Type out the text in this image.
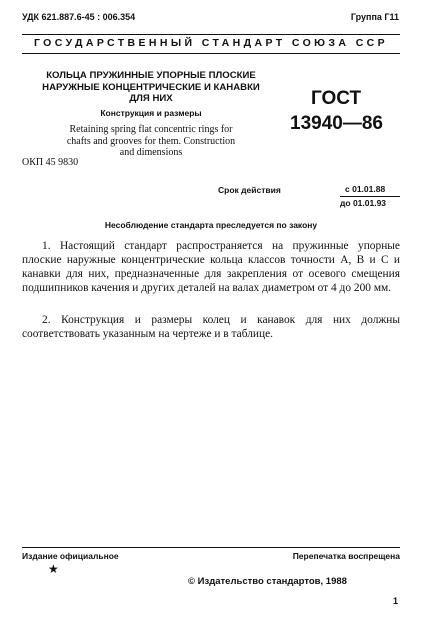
УДК 621.887.6-45 : 006.354	Группа Г11
ГОСУДАРСТВЕННЫЙ СТАНДАРТ СОЮЗА ССР
КОЛЬЦА ПРУЖИННЫЕ УПОРНЫЕ ПЛОСКИЕ
НАРУЖНЫЕ КОНЦЕНТРИЧЕСКИЕ И КАНАВКИ
ДЛЯ НИХ
Конструкция и размеры
Retaining spring flat concentric rings for
chafts and grooves for them. Construction
and dimensions
ОКП 45 9830
ГОСТ
13940—86
Срок действия	с 01.01.88
до 01.01.93
Несоблюдение стандарта преследуется по закону
1. Настоящий стандарт распространяется на пружинные упорные плоские наружные концентрические кольца классов точности А, В и С и канавки для них, предназначенные для закрепления от осевого смещения подшипников качения и других деталей на валах диаметром от 4 до 200 мм.
2. Конструкция и размеры колец и канавок для них должны соответствовать указанным на чертеже и в таблице.
Издание официальное	Перепечатка воспрещена
★
© Издательство стандартов, 1988
1
